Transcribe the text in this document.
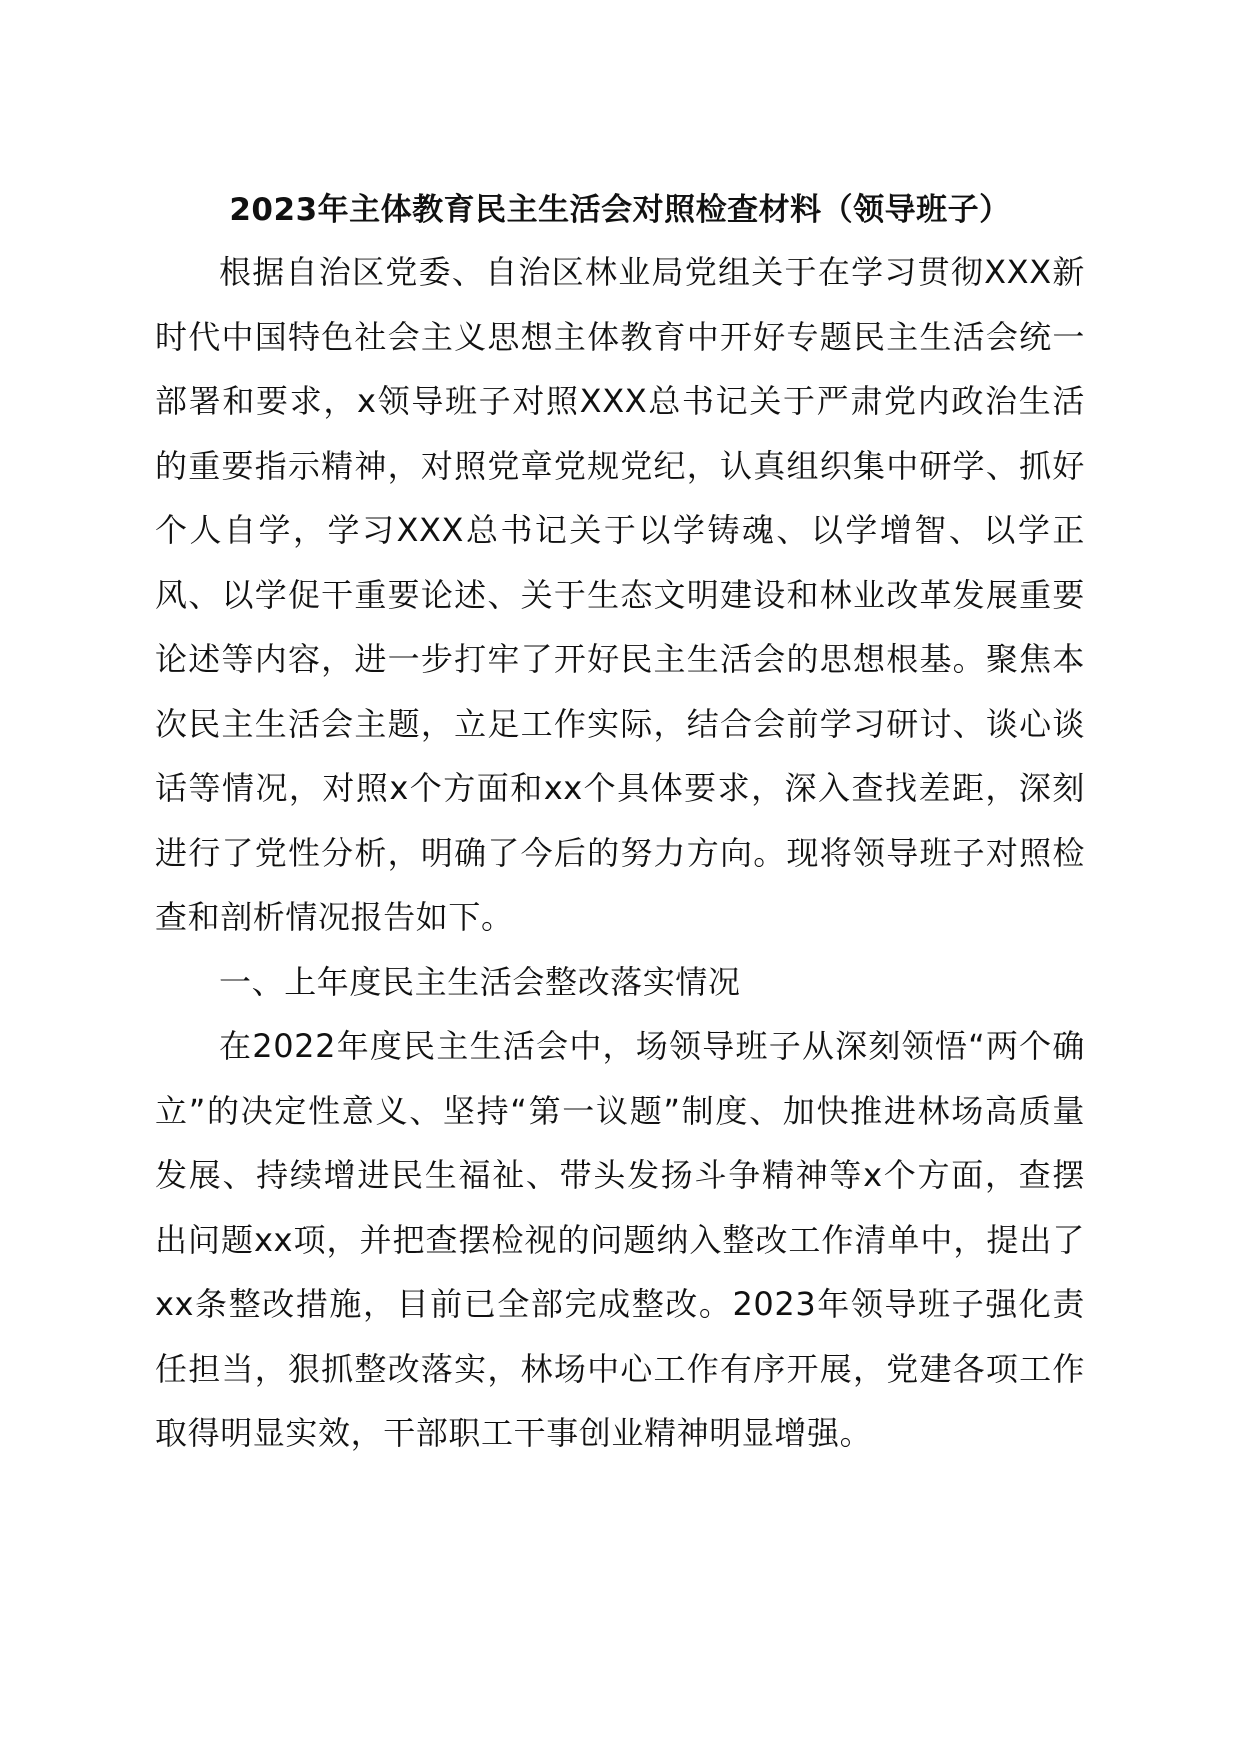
2023年主体教育民主生活会对照检查材料（领导班子）

根据自治区党委、自治区林业局党组关于在学习贯彻XXX新时代中国特色社会主义思想主体教育中开好专题民主生活会统一部署和要求，x领导班子对照XXX总书记关于严肃党内政治生活的重要指示精神，对照党章党规党纪，认真组织集中研学、抓好个人自学，学习XXX总书记关于以学铸魂、以学增智、以学正风、以学促干重要论述、关于生态文明建设和林业改革发展重要论述等内容，进一步打牢了开好民主生活会的思想根基。聚焦本次民主生活会主题，立足工作实际，结合会前学习研讨、谈心谈话等情况，对照x个方面和xx个具体要求，深入查找差距，深刻进行了党性分析，明确了今后的努力方向。现将领导班子对照检查和剖析情况报告如下。

一、上年度民主生活会整改落实情况

在2022年度民主生活会中，场领导班子从深刻领悟“两个确立”的决定性意义、坚持“第一议题”制度、加快推进林场高质量发展、持续增进民生福祉、带头发扬斗争精神等x个方面，查摆出问题xx项，并把查摆检视的问题纳入整改工作清单中，提出了xx条整改措施，目前已全部完成整改。2023年领导班子强化责任担当，狠抓整改落实，林场中心工作有序开展，党建各项工作取得明显实效，干部职工干事创业精神明显增强。
